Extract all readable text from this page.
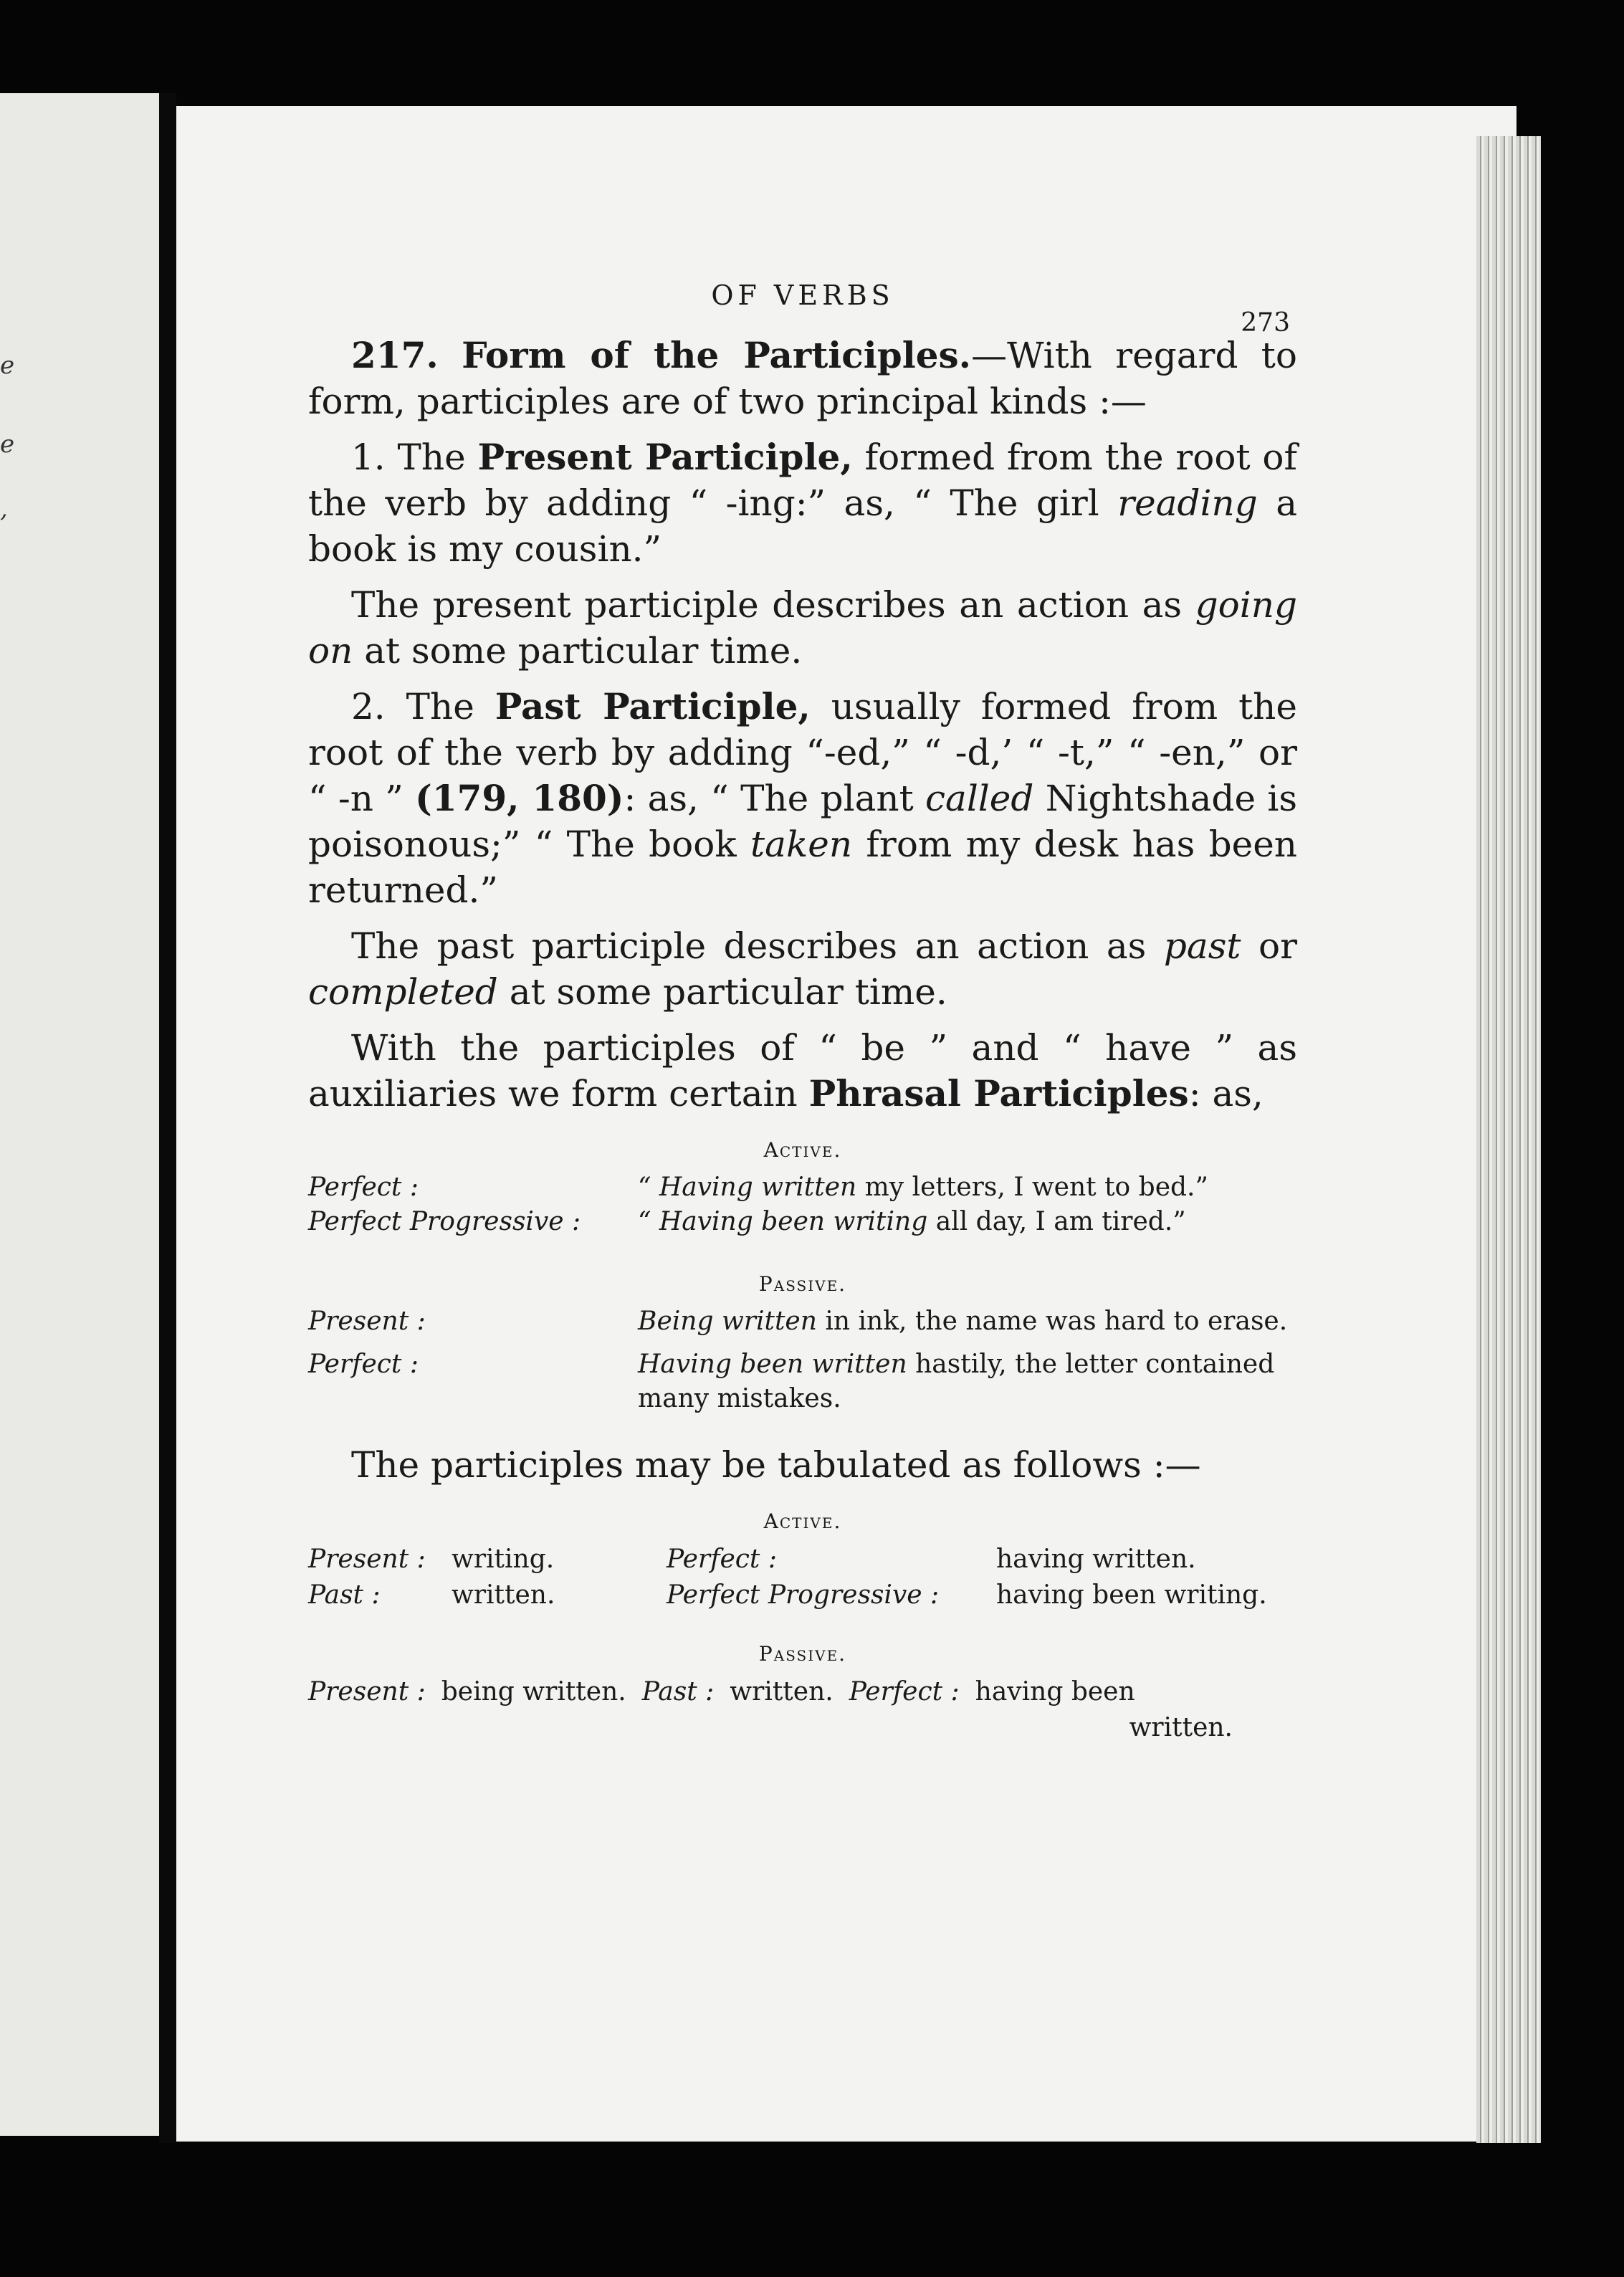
e
e
,
OF VERBS
273

217. Form of the Participles.—With regard to form, participles are of two principal kinds :—

1. The Present Participle, formed from the root of the verb by adding “ -ing:” as, “ The girl reading a book is my cousin.”

The present participle describes an action as going on at some particular time.

2. The Past Participle, usually formed from the root of the verb by adding “-ed,” “ -d,’ “ -t,” “ -en,” or “ -n ” (179, 180): as, “ The plant called Nightshade is poisonous;” “ The book taken from my desk has been returned.”

The past participle describes an action as past or completed at some particular time.

With the participles of “ be ” and “ have ” as auxiliaries we form certain Phrasal Participles: as,

Active.
Perfect :	“ Having written my letters, I went to bed.”
Perfect Progressive :	“ Having been writing all day, I am tired.”
Passive.
Present :	Being written in ink, the name was hard to erase.
Perfect :	Having been written hastily, the letter contained many mistakes.

The participles may be tabulated as follows :—

Active.
Present :	writing.	Perfect :	having written.
Past :	written.	Perfect Progressive :	having been writing.
Passive.
Present : being written. Past : written. Perfect : having been
written.
